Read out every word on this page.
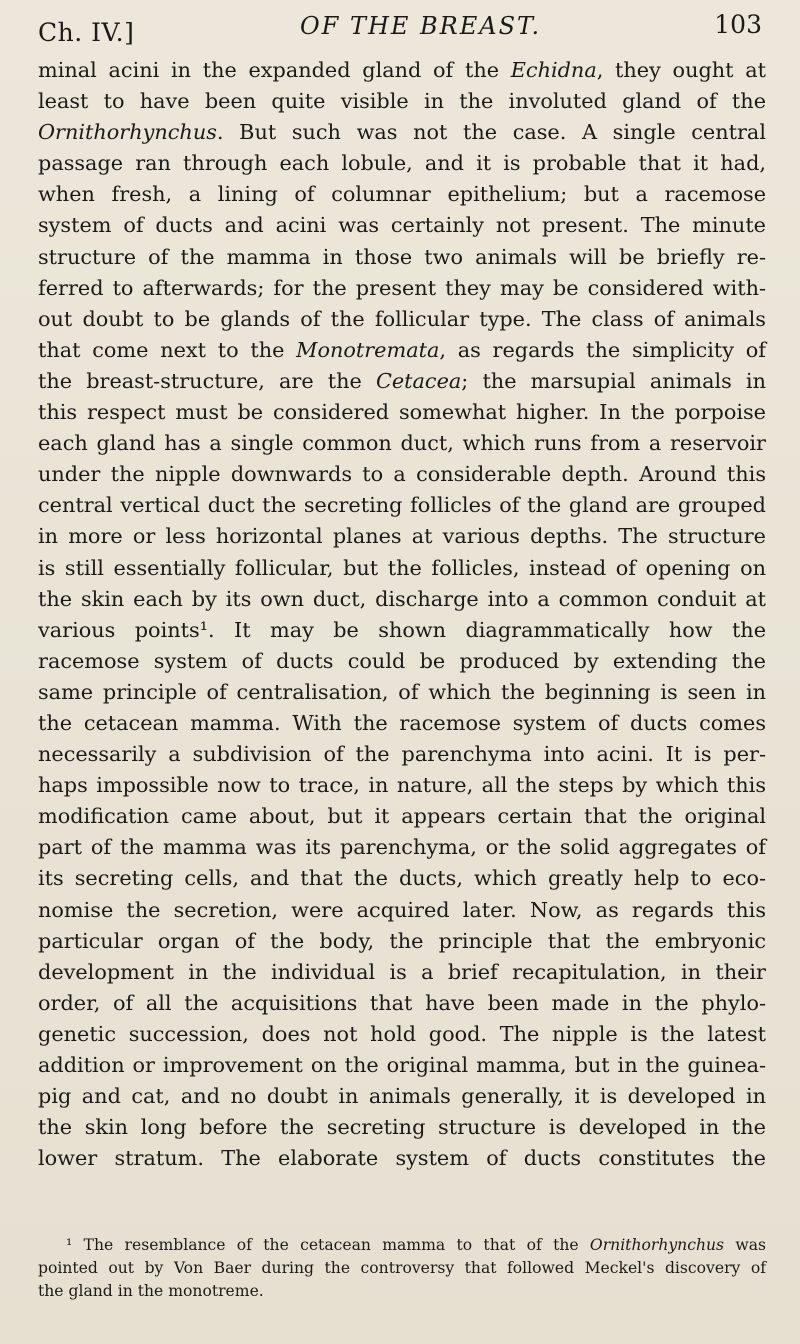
Ch. IV.]	OF THE BREAST.	103
minal acini in the expanded gland of the Echidna, they ought at
least to have been quite visible in the involuted gland of the
Ornithorhynchus. But such was not the case. A single central
passage ran through each lobule, and it is probable that it had,
when fresh, a lining of columnar epithelium; but a racemose
system of ducts and acini was certainly not present. The minute
structure of the mamma in those two animals will be briefly re-
ferred to afterwards; for the present they may be considered with-
out doubt to be glands of the follicular type. The class of animals
that come next to the Monotremata, as regards the simplicity of
the breast-structure, are the Cetacea; the marsupial animals in
this respect must be considered somewhat higher. In the porpoise
each gland has a single common duct, which runs from a reservoir
under the nipple downwards to a considerable depth. Around this
central vertical duct the secreting follicles of the gland are grouped
in more or less horizontal planes at various depths. The structure
is still essentially follicular, but the follicles, instead of opening on
the skin each by its own duct, discharge into a common conduit at
various points¹. It may be shown diagrammatically how the
racemose system of ducts could be produced by extending the
same principle of centralisation, of which the beginning is seen in
the cetacean mamma. With the racemose system of ducts comes
necessarily a subdivision of the parenchyma into acini. It is per-
haps impossible now to trace, in nature, all the steps by which this
modification came about, but it appears certain that the original
part of the mamma was its parenchyma, or the solid aggregates of
its secreting cells, and that the ducts, which greatly help to eco-
nomise the secretion, were acquired later. Now, as regards this
particular organ of the body, the principle that the embryonic
development in the individual is a brief recapitulation, in their
order, of all the acquisitions that have been made in the phylo-
genetic succession, does not hold good. The nipple is the latest
addition or improvement on the original mamma, but in the guinea-
pig and cat, and no doubt in animals generally, it is developed in
the skin long before the secreting structure is developed in the
lower stratum. The elaborate system of ducts constitutes the
¹ The resemblance of the cetacean mamma to that of the Ornithorhynchus was
pointed out by Von Baer during the controversy that followed Meckel's discovery of
the gland in the monotreme.
